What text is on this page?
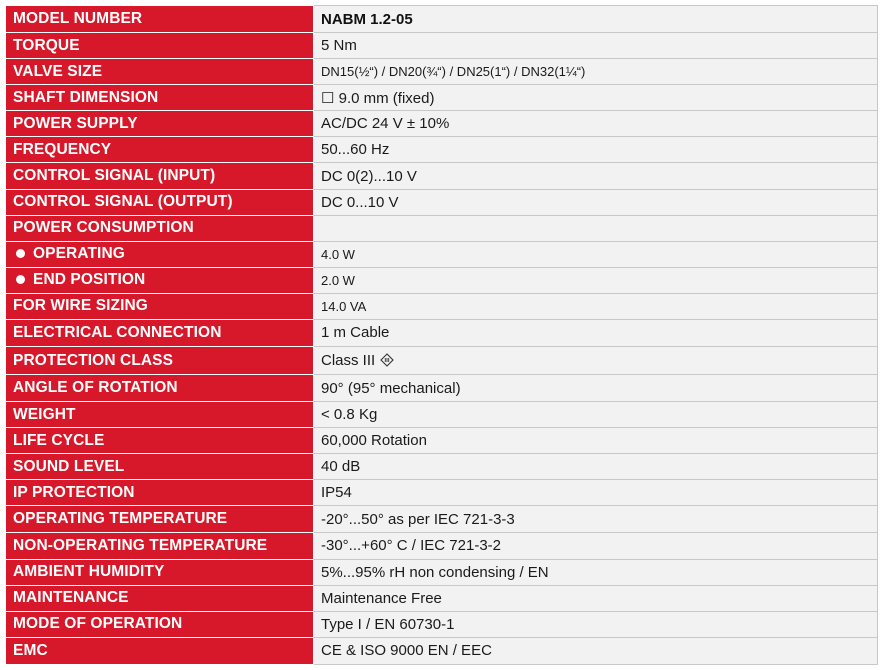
MODEL NUMBER	NABM 1.2-05
TORQUE	5 Nm
VALVE SIZE	DN15(½“) / DN20(¾“) / DN25(1“) / DN32(1¼“)
SHAFT DIMENSION	☐ 9.0 mm (fixed)
POWER SUPPLY	AC/DC 24 V ± 10%
FREQUENCY	50...60 Hz
CONTROL SIGNAL (INPUT)	DC 0(2)...10 V
CONTROL SIGNAL (OUTPUT)	DC 0...10 V
POWER CONSUMPTION	
OPERATING	4.0 W
END POSITION	2.0 W
FOR WIRE SIZING	14.0 VA
ELECTRICAL CONNECTION	1 m Cable
PROTECTION CLASS	Class III
ANGLE OF ROTATION	90° (95° mechanical)
WEIGHT	< 0.8 Kg
LIFE CYCLE	60,000 Rotation
SOUND LEVEL	40 dB
IP PROTECTION	IP54
OPERATING TEMPERATURE	-20°...50° as per IEC 721-3-3
NON-OPERATING TEMPERATURE	-30°...+60° C / IEC 721-3-2
AMBIENT HUMIDITY	5%...95% rH non condensing / EN
MAINTENANCE	Maintenance Free
MODE OF OPERATION	Type I / EN 60730-1
EMC	CE & ISO 9000 EN / EEC
